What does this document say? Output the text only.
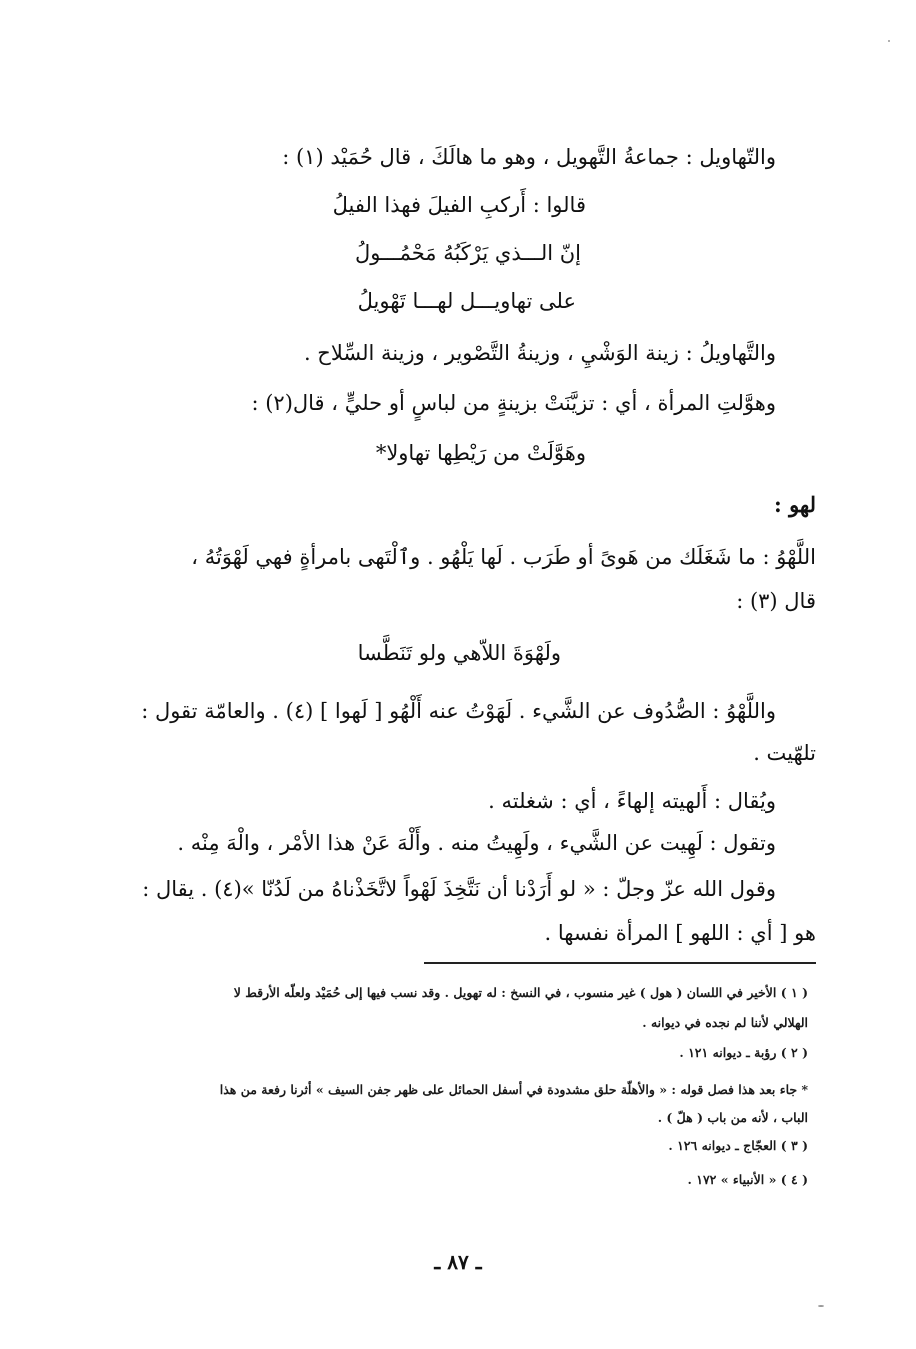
والتّهاويل : جماعةُ التَّهويل ، وهو ما هالَكَ ، قال حُمَيْد (١) :
قالوا : أَركبِ الفيلَ فهذا الفيلُ
إنّ الـــذي يَرْكَبُهُ مَحْمُـــولُ
على تهاويـــل لهـــا تَهْويلُ
والتَّهاويلُ : زينة الوَشْيِ ، وزينةُ التَّصْوير ، وزينة السِّلاح .
وهوَّلتِ المرأة ، أي : تزيَّنَتْ بزينةٍ من لباسٍ أو حليٍّ ، قال(٢) :
وهَوَّلَتْ من رَيْطِها تهاولا*
لهو :
اللَّهْوُ : ما شَغَلَك من هَوىً أو طَرَب . لَها يَلْهُو . وٱلْتَهى بامرأةٍ فهي لَهْوَتُهُ ،
قال (٣) :
ولَهْوَةَ اللاّهي ولو تَنَطَّسا
واللَّهْوُ : الصُّدُوف عن الشَّيء . لَهَوْتُ عنه أَلْهُو [ لَهوا ] (٤) . والعامّة تقول :
تلهّيت .
ويُقال : أَلهيته إلهاءً ، أي : شغلته .
وتقول : لَهِيت عن الشَّيء ، ولَهِيتُ منه . وأَلْهَ عَنْ هذا الأمْر ، والْهَ مِنْه .
وقول الله عزّ وجلّ : « لو أَرَدْنا أن نَتَّخِذَ لَهْواً لاتَّخَذْناهُ من لَدُنّا »(٤) . يقال :
هو [ أي : اللهو ] المرأة نفسها .
( ١ ) الأخير في اللسان ( هول ) غير منسوب ، في النسخ : له تهويل . وقد نسب فيها إلى حُمَيْد ولعلّه الأرقط لا
الهلالي لأننا لم نجده في ديوانه .
( ٢ ) رؤبة ـ ديوانه ١٢١ .
* جاء بعد هذا فصل قوله : « والأهلّة حلق مشدودة في أسفل الحمائل على ظهر جفن السيف » أثرنا رفعة من هذا
الباب ، لأنه من باب ( هلّ ) .
( ٣ ) العجّاج ـ ديوانه ١٢٦ .
( ٤ ) « الأنبياء » ١٧٢ .
ـ ٨٧ ـ
